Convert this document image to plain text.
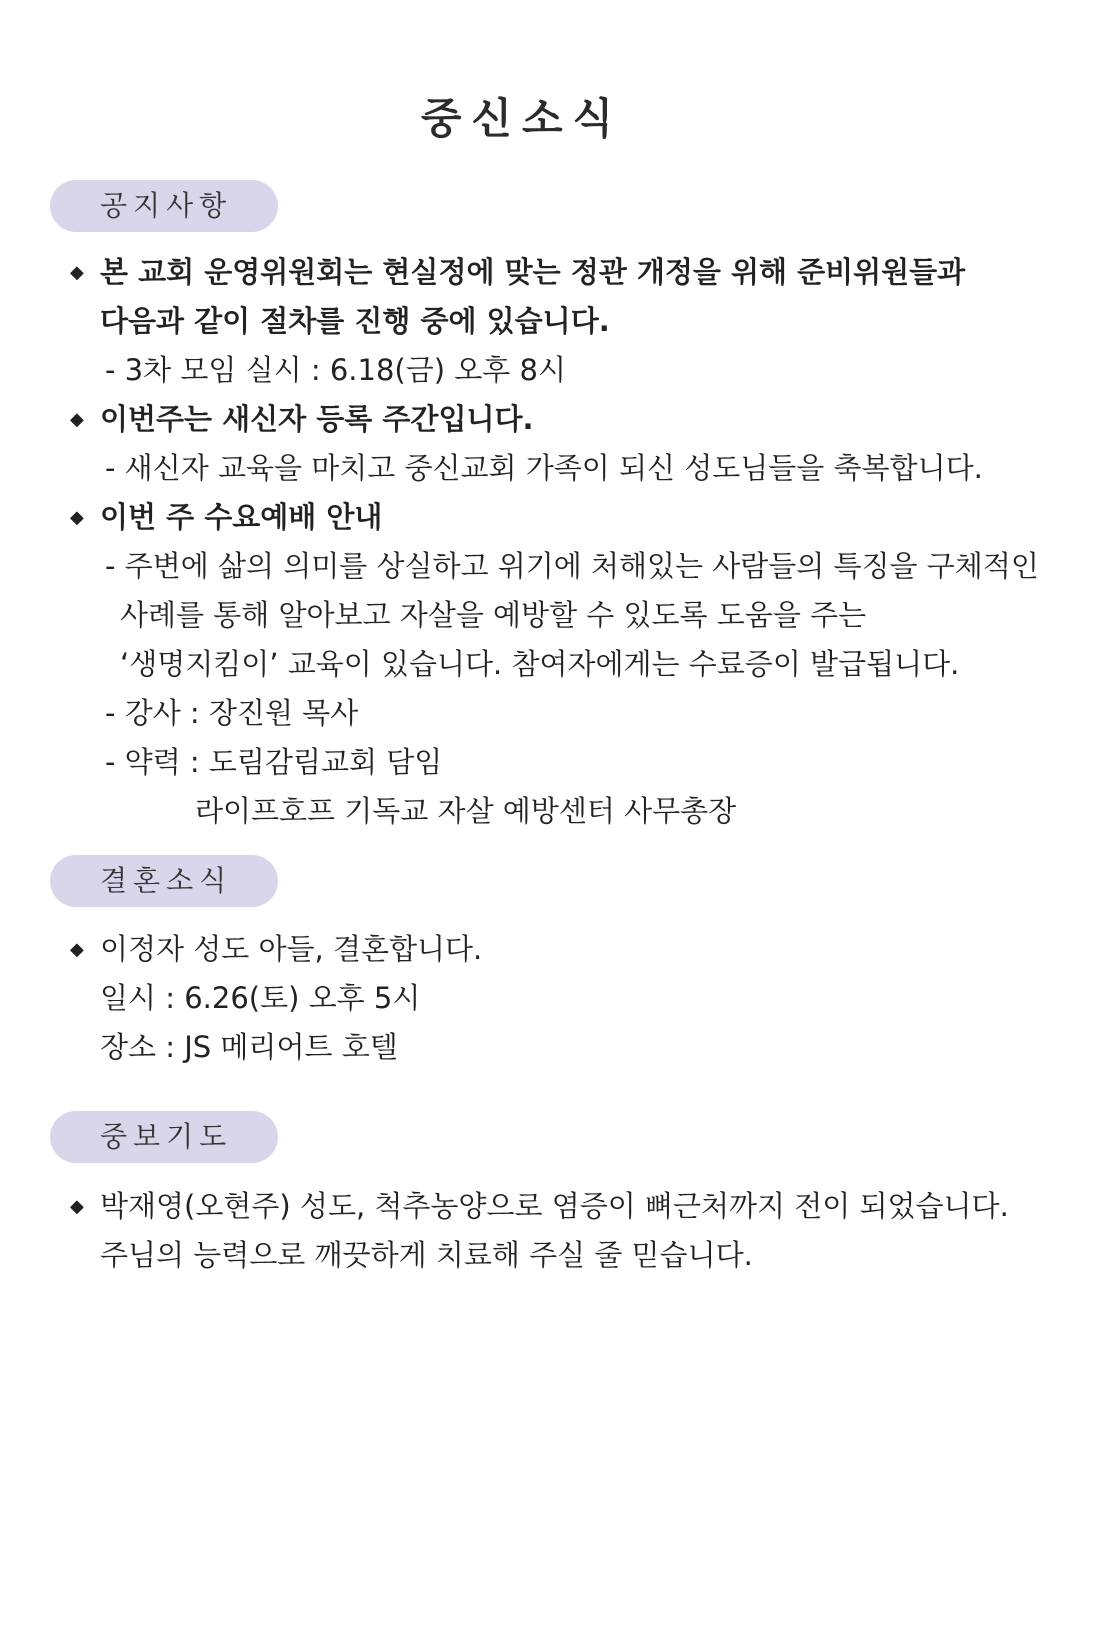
중신소식
공지사항
◆ 본 교회 운영위원회는 현실정에 맞는 정관 개정을 위해 준비위원들과
다음과 같이 절차를 진행 중에 있습니다.
- 3차 모임 실시 : 6.18(금) 오후 8시
◆ 이번주는 새신자 등록 주간입니다.
- 새신자 교육을 마치고 중신교회 가족이 되신 성도님들을 축복합니다.
◆ 이번 주 수요예배 안내
- 주변에 삶의 의미를 상실하고 위기에 처해있는 사람들의 특징을 구체적인
사례를 통해 알아보고 자살을 예방할 수 있도록 도움을 주는
‘생명지킴이’ 교육이 있습니다. 참여자에게는 수료증이 발급됩니다.
- 강사 : 장진원 목사
- 약력 : 도림감림교회 담임
라이프호프 기독교 자살 예방센터 사무총장
결혼소식
◆ 이정자 성도 아들, 결혼합니다.
일시 : 6.26(토) 오후 5시
장소 : JS 메리어트 호텔
중보기도
◆ 박재영(오현주) 성도, 척추농양으로 염증이 뼈근처까지 전이 되었습니다.
주님의 능력으로 깨끗하게 치료해 주실 줄 믿습니다.
